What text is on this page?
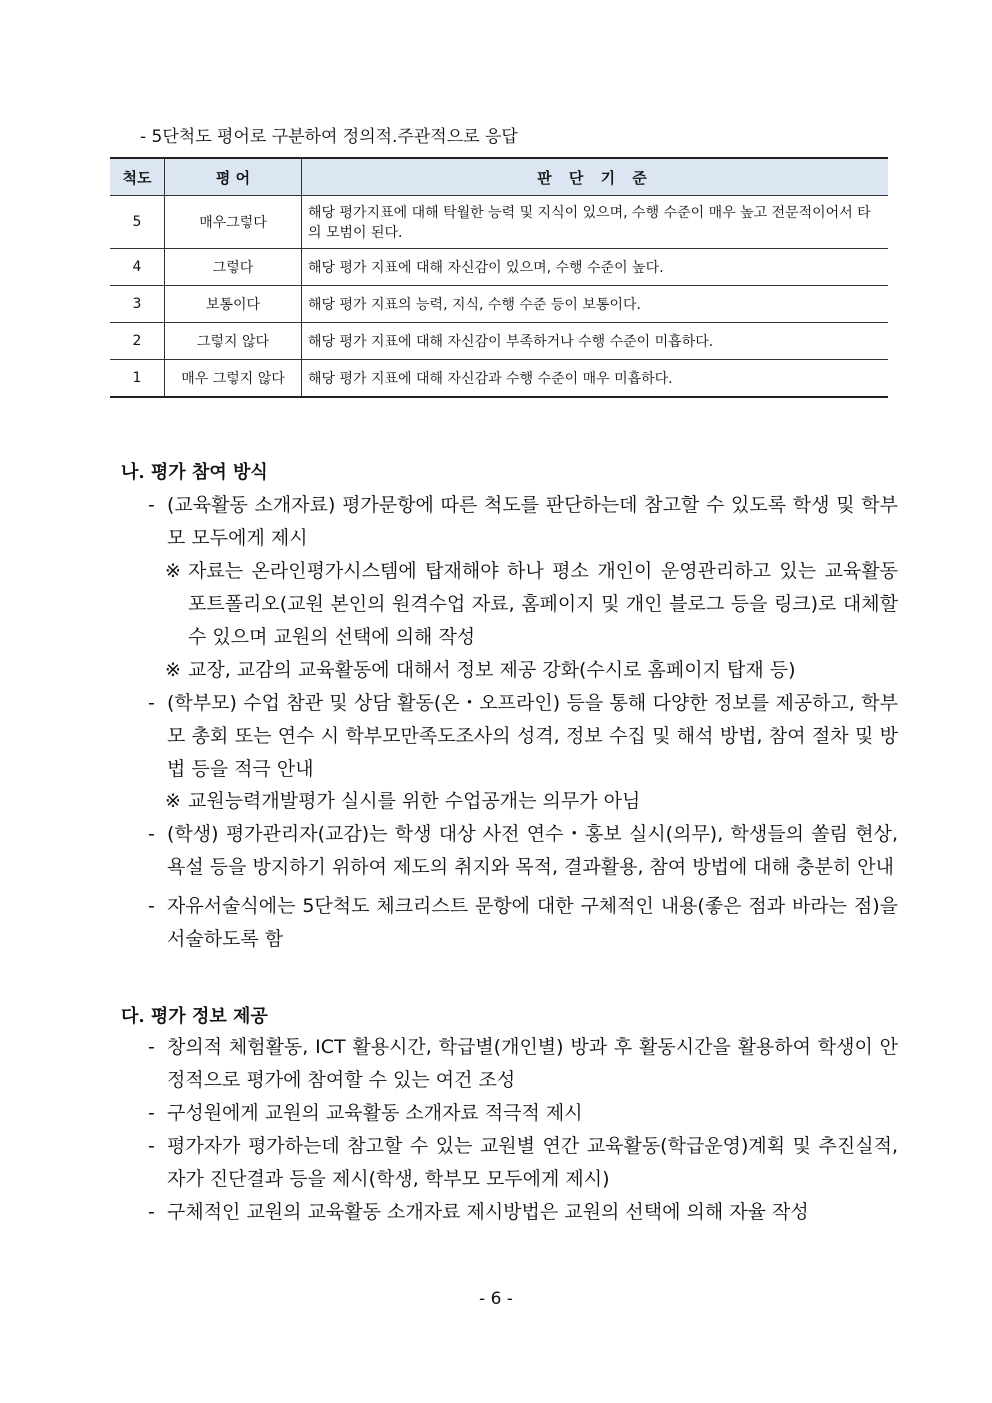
- 5단척도 평어로 구분하여 정의적.주관적으로 응답
척도	평 어	판 단 기 준
5	매우그렇다	해당 평가지표에 대해 탁월한 능력 및 지식이 있으며, 수행 수준이 매우 높고 전문적이어서 타의 모범이 된다.
4	그렇다	해당 평가 지표에 대해 자신감이 있으며, 수행 수준이 높다.
3	보통이다	해당 평가 지표의 능력, 지식, 수행 수준 등이 보통이다.
2	그렇지 않다	해당 평가 지표에 대해 자신감이 부족하거나 수행 수준이 미흡하다.
1	매우 그렇지 않다	해당 평가 지표에 대해 자신감과 수행 수준이 매우 미흡하다.
나. 평가 참여 방식
- (교육활동 소개자료) 평가문항에 따른 척도를 판단하는데 참고할 수 있도록 학생 및 학부모 모두에게 제시
※ 자료는 온라인평가시스템에 탑재해야 하나 평소 개인이 운영관리하고 있는 교육활동 포트폴리오(교원 본인의 원격수업 자료, 홈페이지 및 개인 블로그 등을 링크)로 대체할 수 있으며 교원의 선택에 의해 작성
※ 교장, 교감의 교육활동에 대해서 정보 제공 강화(수시로 홈페이지 탑재 등)
- (학부모) 수업 참관 및 상담 활동(온・오프라인) 등을 통해 다양한 정보를 제공하고, 학부모 총회 또는 연수 시 학부모만족도조사의 성격, 정보 수집 및 해석 방법, 참여 절차 및 방법 등을 적극 안내
※ 교원능력개발평가 실시를 위한 수업공개는 의무가 아님
- (학생) 평가관리자(교감)는 학생 대상 사전 연수・홍보 실시(의무), 학생들의 쏠림 현상, 욕설 등을 방지하기 위하여 제도의 취지와 목적, 결과활용, 참여 방법에 대해 충분히 안내
- 자유서술식에는 5단척도 체크리스트 문항에 대한 구체적인 내용(좋은 점과 바라는 점)을 서술하도록 함
다. 평가 정보 제공
- 창의적 체험활동, ICT 활용시간, 학급별(개인별) 방과 후 활동시간을 활용하여 학생이 안정적으로 평가에 참여할 수 있는 여건 조성
- 구성원에게 교원의 교육활동 소개자료 적극적 제시
- 평가자가 평가하는데 참고할 수 있는 교원별 연간 교육활동(학급운영)계획 및 추진실적, 자가 진단결과 등을 제시(학생, 학부모 모두에게 제시)
- 구체적인 교원의 교육활동 소개자료 제시방법은 교원의 선택에 의해 자율 작성
- 6 -
